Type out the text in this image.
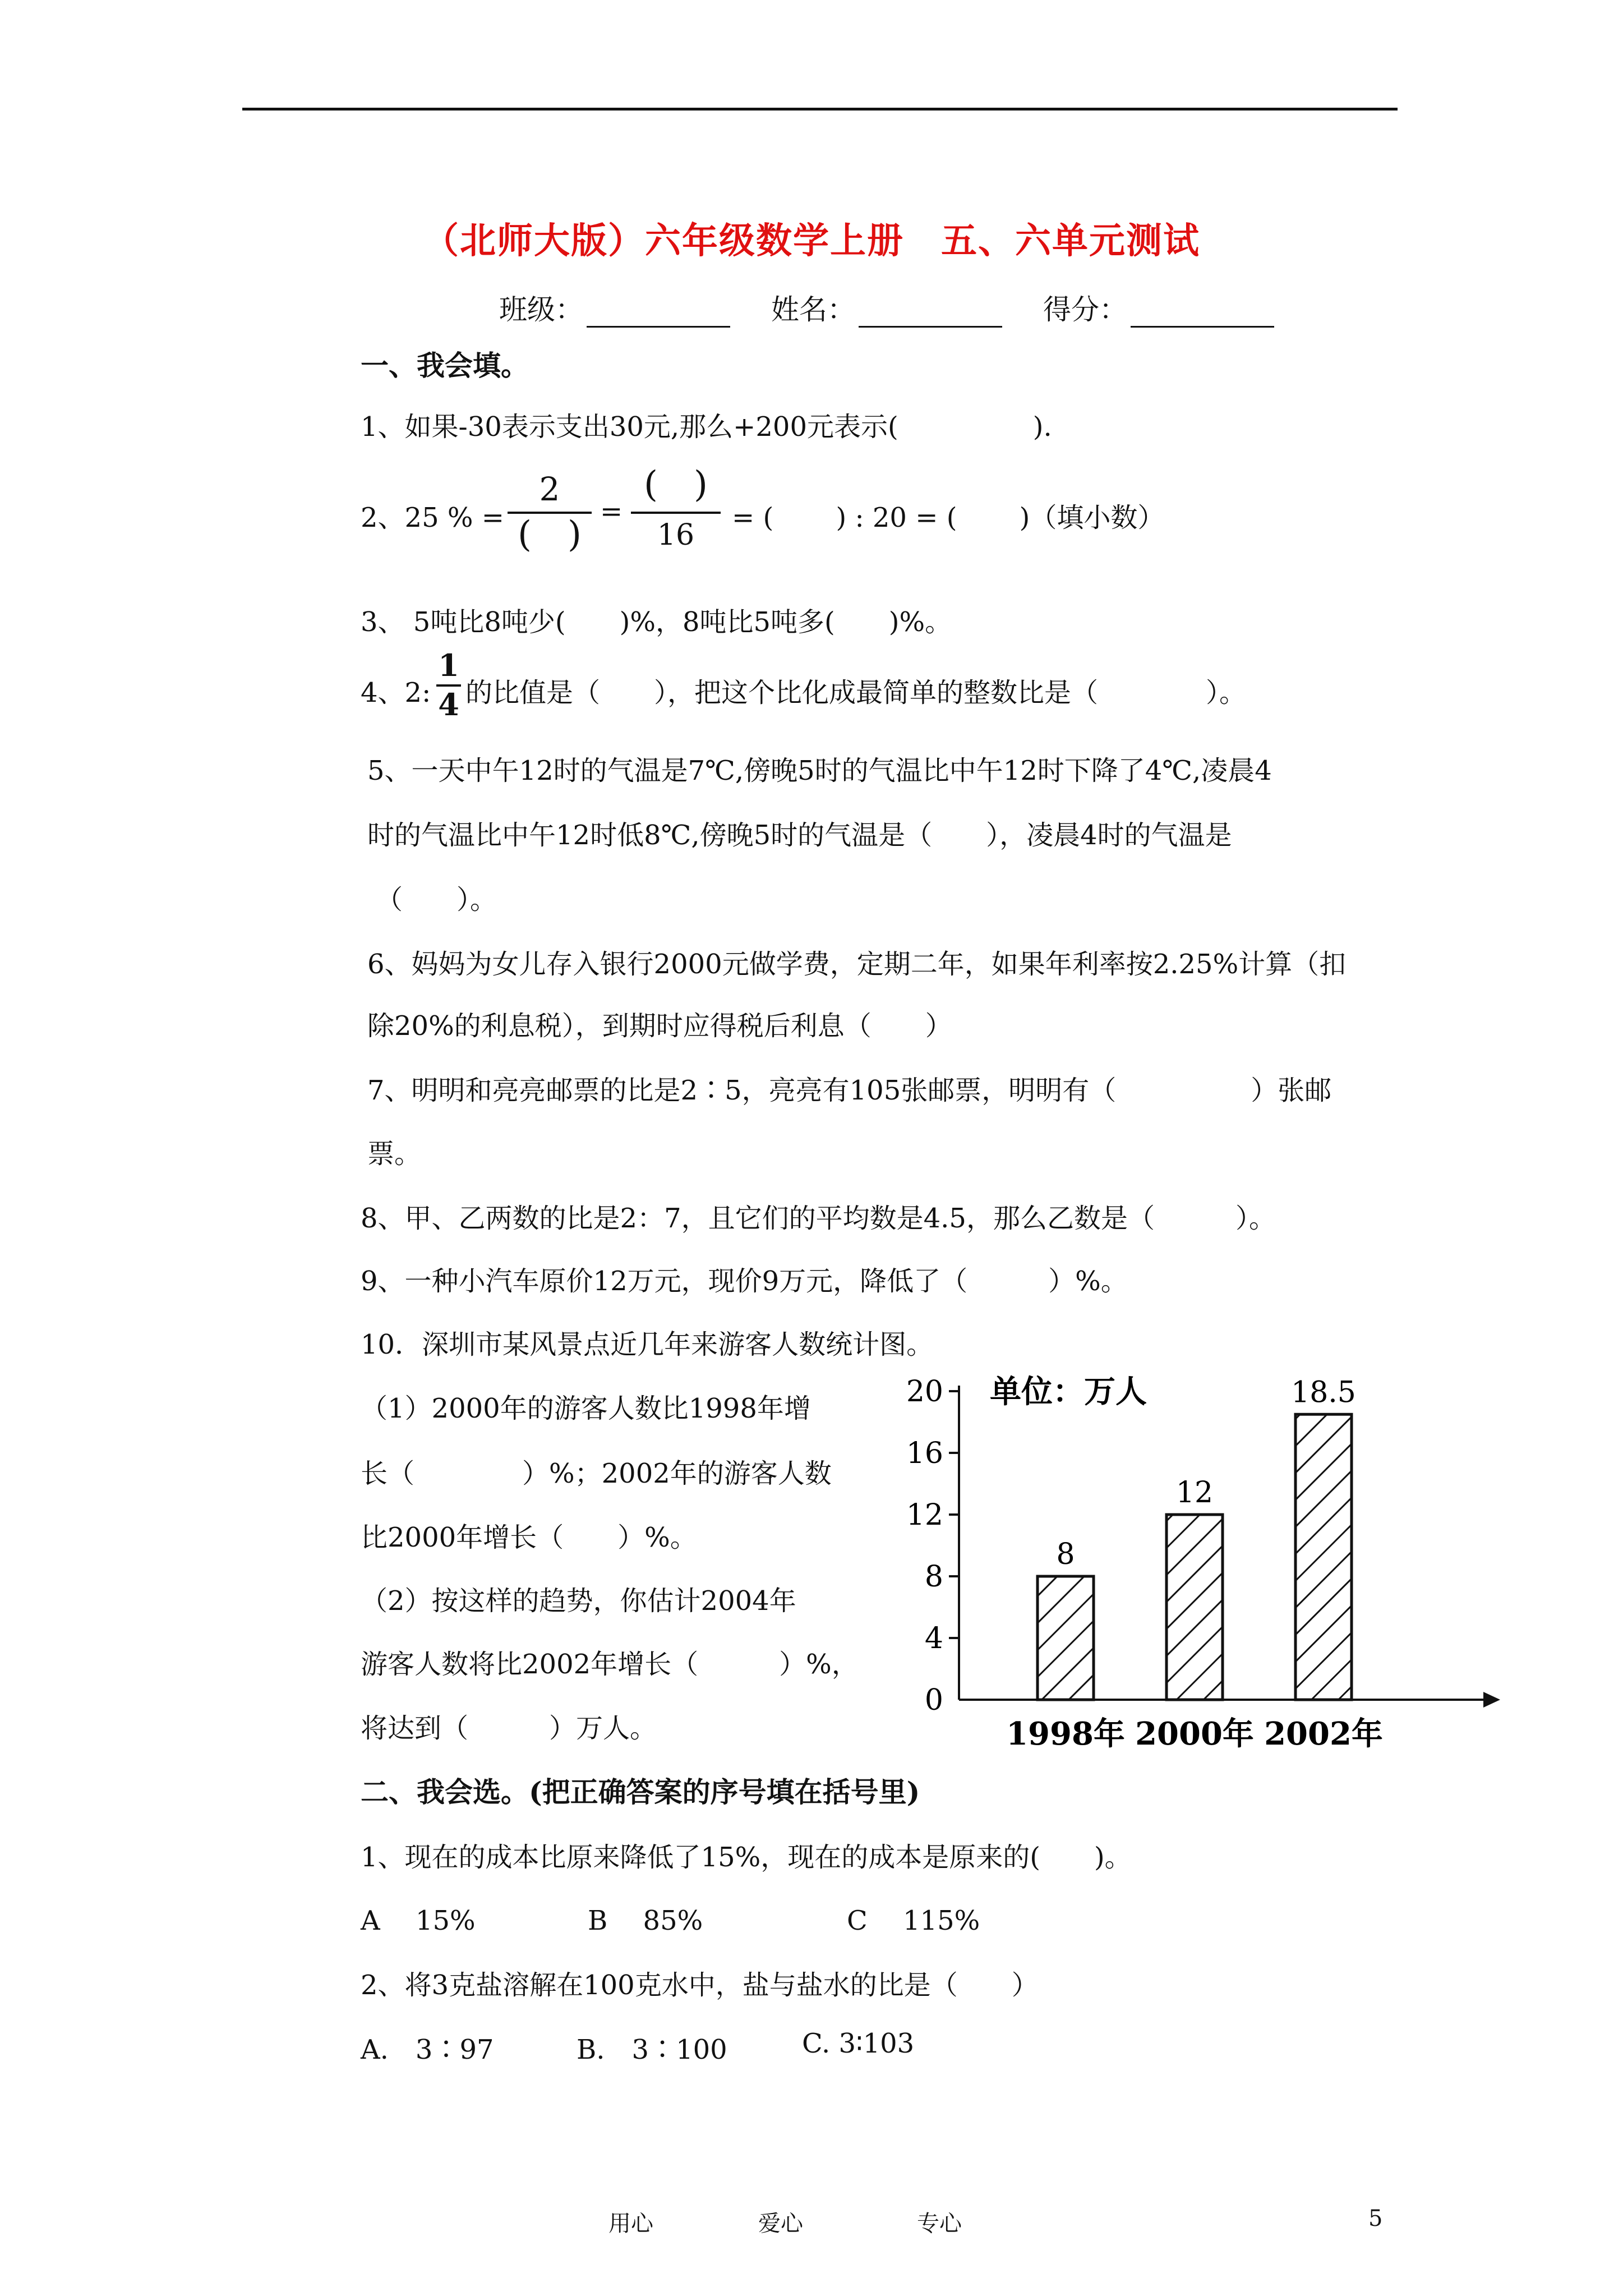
（北师大版）六年级数学上册　五、六单元测试
班级：	姓名：	得分：
一、我会填。
1、如果-30表示支出30元,那么+200元表示(　　　　　).
2、25 % =
2
(　)
=
(　)
16
= (　　 ) : 20 = (　　 )（填小数）
3、 5吨比8吨少(　　)%，8吨比5吨多(　　)%。
4、2:
1
4 的比值是（　　），把这个比化成最简单的整数比是（　　　　）。
5、一天中午12时的气温是7℃,傍晚5时的气温比中午12时下降了4℃,凌晨4
时的气温比中午12时低8℃,傍晚5时的气温是（　　），凌晨4时的气温是
（　　）。
6、妈妈为女儿存入银行2000元做学费，定期二年，如果年利率按2.25%计算（扣
除20%的利息税），到期时应得税后利息（　　）
7、明明和亮亮邮票的比是2∶5，亮亮有105张邮票，明明有（　　　　　）张邮
票。
8、甲、乙两数的比是2：7，且它们的平均数是4.5，那么乙数是（　　　）。
9、一种小汽车原价12万元，现价9万元，降低了（　　　）%。
10．深圳市某风景点近几年来游客人数统计图。
（1）2000年的游客人数比1998年增
长（　　　　）%；2002年的游客人数
比2000年增长（　　）%。
（2）按这样的趋势，你估计2004年
游客人数将比2002年增长（　　　）%，
将达到（　　　）万人。
单位：万人
0
4
8
12
16
20
8
1998年
12
2000年
18.5
2002年
二、我会选。(把正确答案的序号填在括号里)
1、现在的成本比原来降低了15%，现在的成本是原来的(　　)。
A　 15%	B　 85%	C　 115%
2、将3克盐溶解在100克水中，盐与盐水的比是（　　）
A.　3∶97	B.　3∶100	C. 3∶103
用心	爱心	专心	5
